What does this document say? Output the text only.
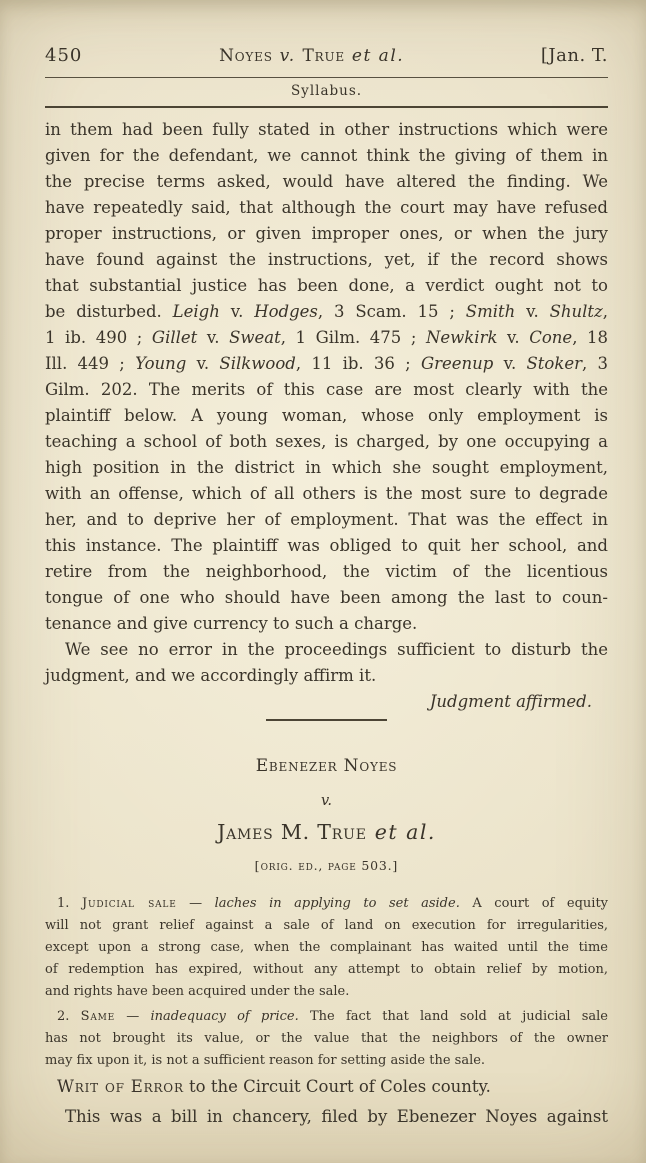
450	Noyes v. True et al.	[Jan. T.
Syllabus.
in them had been fully stated in other instructions which were
given for the defendant, we cannot think the giving of them in
the precise terms asked, would have altered the finding. We
have repeatedly said, that although the court may have refused
proper instructions, or given improper ones, or when the jury
have found against the instructions, yet, if the record shows
that substantial justice has been done, a verdict ought not to
be disturbed. Leigh v. Hodges, 3 Scam. 15 ; Smith v. Shultz,
1 ib. 490 ; Gillet v. Sweat, 1 Gilm. 475 ; Newkirk v. Cone, 18
Ill. 449 ; Young v. Silkwood, 11 ib. 36 ; Greenup v. Stoker, 3
Gilm. 202. The merits of this case are most clearly with the
plaintiff below. A young woman, whose only employment is
teaching a school of both sexes, is charged, by one occupying a
high position in the district in which she sought employment,
with an offense, which of all others is the most sure to degrade
her, and to deprive her of employment. That was the effect in
this instance. The plaintiff was obliged to quit her school, and
retire from the neighborhood, the victim of the licentious
tongue of one who should have been among the last to coun-
tenance and give currency to such a charge.
We see no error in the proceedings sufficient to disturb the
judgment, and we accordingly affirm it.
Judgment affirmed.
Ebenezer Noyes
v.
James M. True et al.
[orig. ed., page 503.]
1. Judicial sale — laches in applying to set aside. A court of equity
will not grant relief against a sale of land on execution for irregularities,
except upon a strong case, when the complainant has waited until the time
of redemption has expired, without any attempt to obtain relief by motion,
and rights have been acquired under the sale.
2. Same — inadequacy of price. The fact that land sold at judicial sale
has not brought its value, or the value that the neighbors of the owner
may fix upon it, is not a sufficient reason for setting aside the sale.
Writ of Error to the Circuit Court of Coles county.
This was a bill in chancery, filed by Ebenezer Noyes against
